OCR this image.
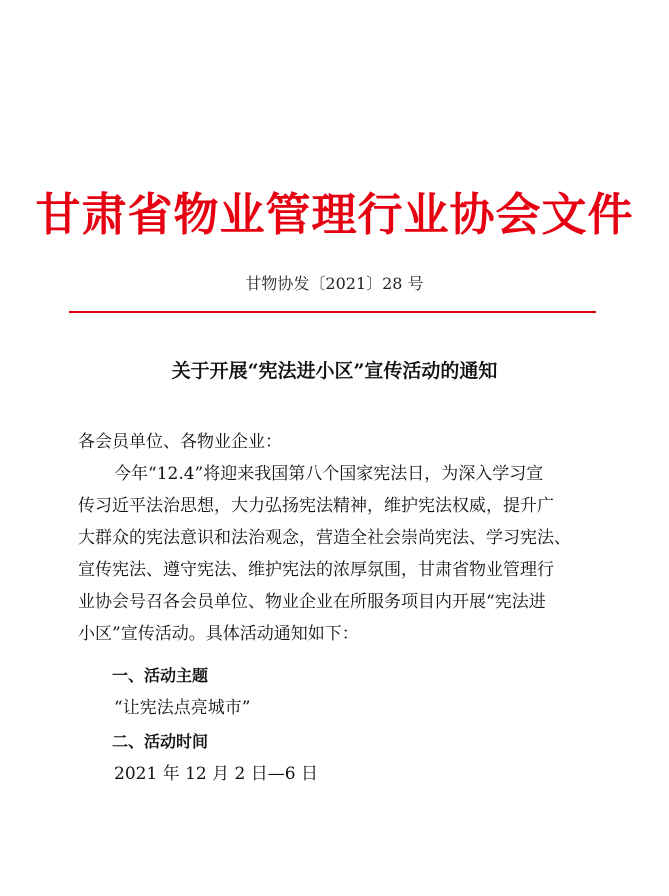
甘肃省物业管理行业协会文件
甘物协发〔2021〕28 号
关于开展“宪法进小区”宣传活动的通知
各会员单位、各物业企业：
今年“12.4”将迎来我国第八个国家宪法日，为深入学习宣
传习近平法治思想，大力弘扬宪法精神，维护宪法权威，提升广
大群众的宪法意识和法治观念，营造全社会崇尚宪法、学习宪法、
宣传宪法、遵守宪法、维护宪法的浓厚氛围，甘肃省物业管理行
业协会号召各会员单位、物业企业在所服务项目内开展“宪法进
小区”宣传活动。具体活动通知如下：
一、活动主题
“让宪法点亮城市”
二、活动时间
2021 年 12 月 2 日—6 日
